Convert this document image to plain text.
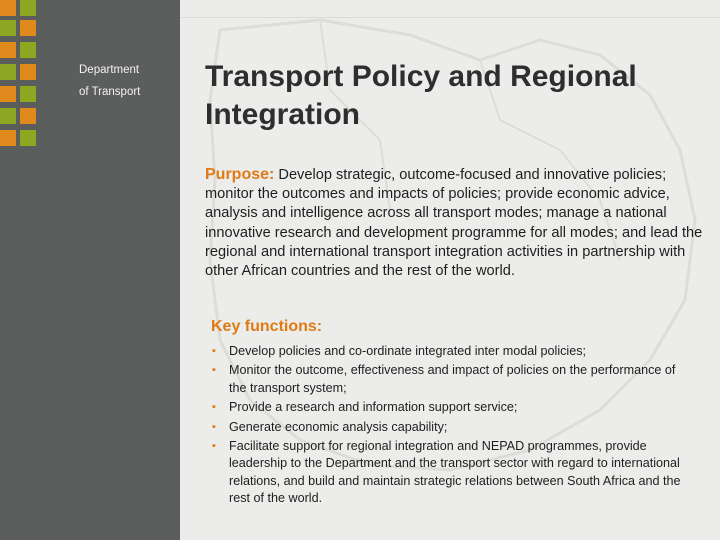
Department
of Transport Transport Policy and Regional
Integration
Purpose: Develop strategic, outcome-focused and innovative policies; monitor the outcomes and impacts of policies; provide economic advice, analysis and intelligence across all transport modes; manage a national innovative research and development programme for all modes; and lead the regional and international transport integration activities in partnership with other African countries and the rest of the world.
Key functions:
▪ Develop policies and co-ordinate integrated inter modal policies;
▪ Monitor the outcome, effectiveness and impact of policies on the performance of the transport system;
▪ Provide a research and information support service;
▪ Generate economic analysis capability;
▪ Facilitate support for regional integration and NEPAD programmes, provide leadership to the Department and the transport sector with regard to international relations, and build and maintain strategic relations between South Africa and the rest of the world.
